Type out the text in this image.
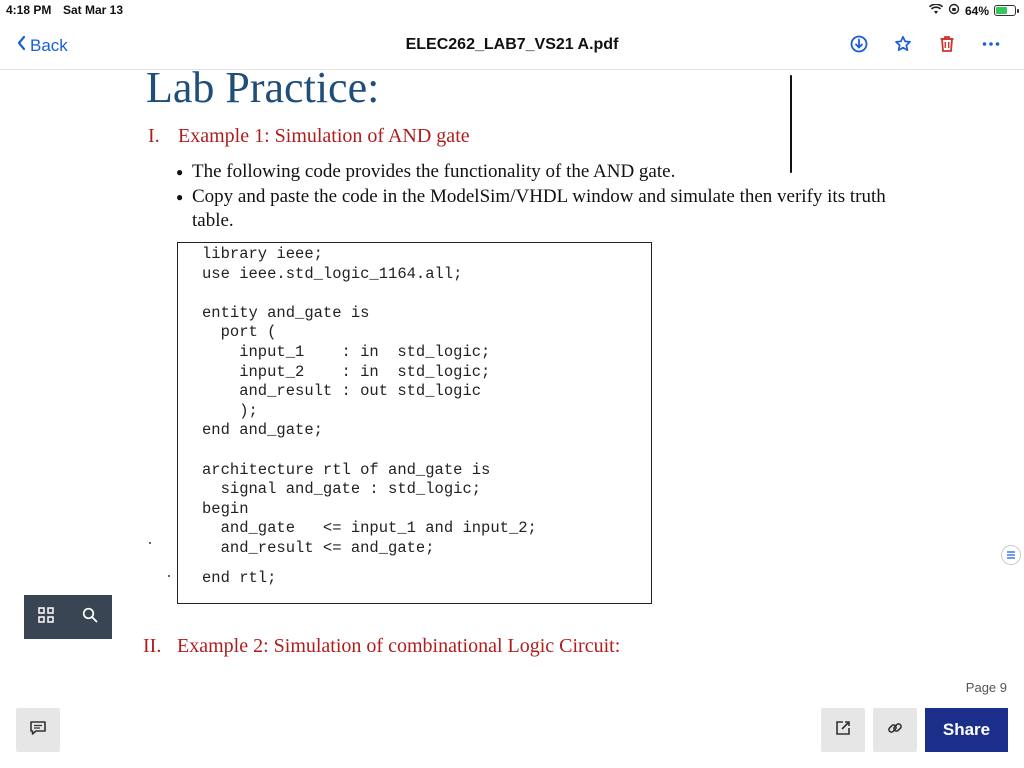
4:18 PM Sat Mar 13	64%
Back	ELEC262_LAB7_VS21 A.pdf
Lab Practice:
I. Example 1: Simulation of AND gate
● The following code provides the functionality of the AND gate.
● Copy and paste the code in the ModelSim/VHDL window and simulate then verify its truth table.
library ieee;
use ieee.std_logic_1164.all;
entity and_gate is
port (
input_1    : in  std_logic;
input_2    : in  std_logic;
and_result : out std_logic
);
end and_gate;
architecture rtl of and_gate is
signal and_gate : std_logic;
begin
and_gate   <= input_1 and input_2;
and_result <= and_gate;
end rtl;
II. Example 2: Simulation of combinational Logic Circuit:
Page 9
Share
